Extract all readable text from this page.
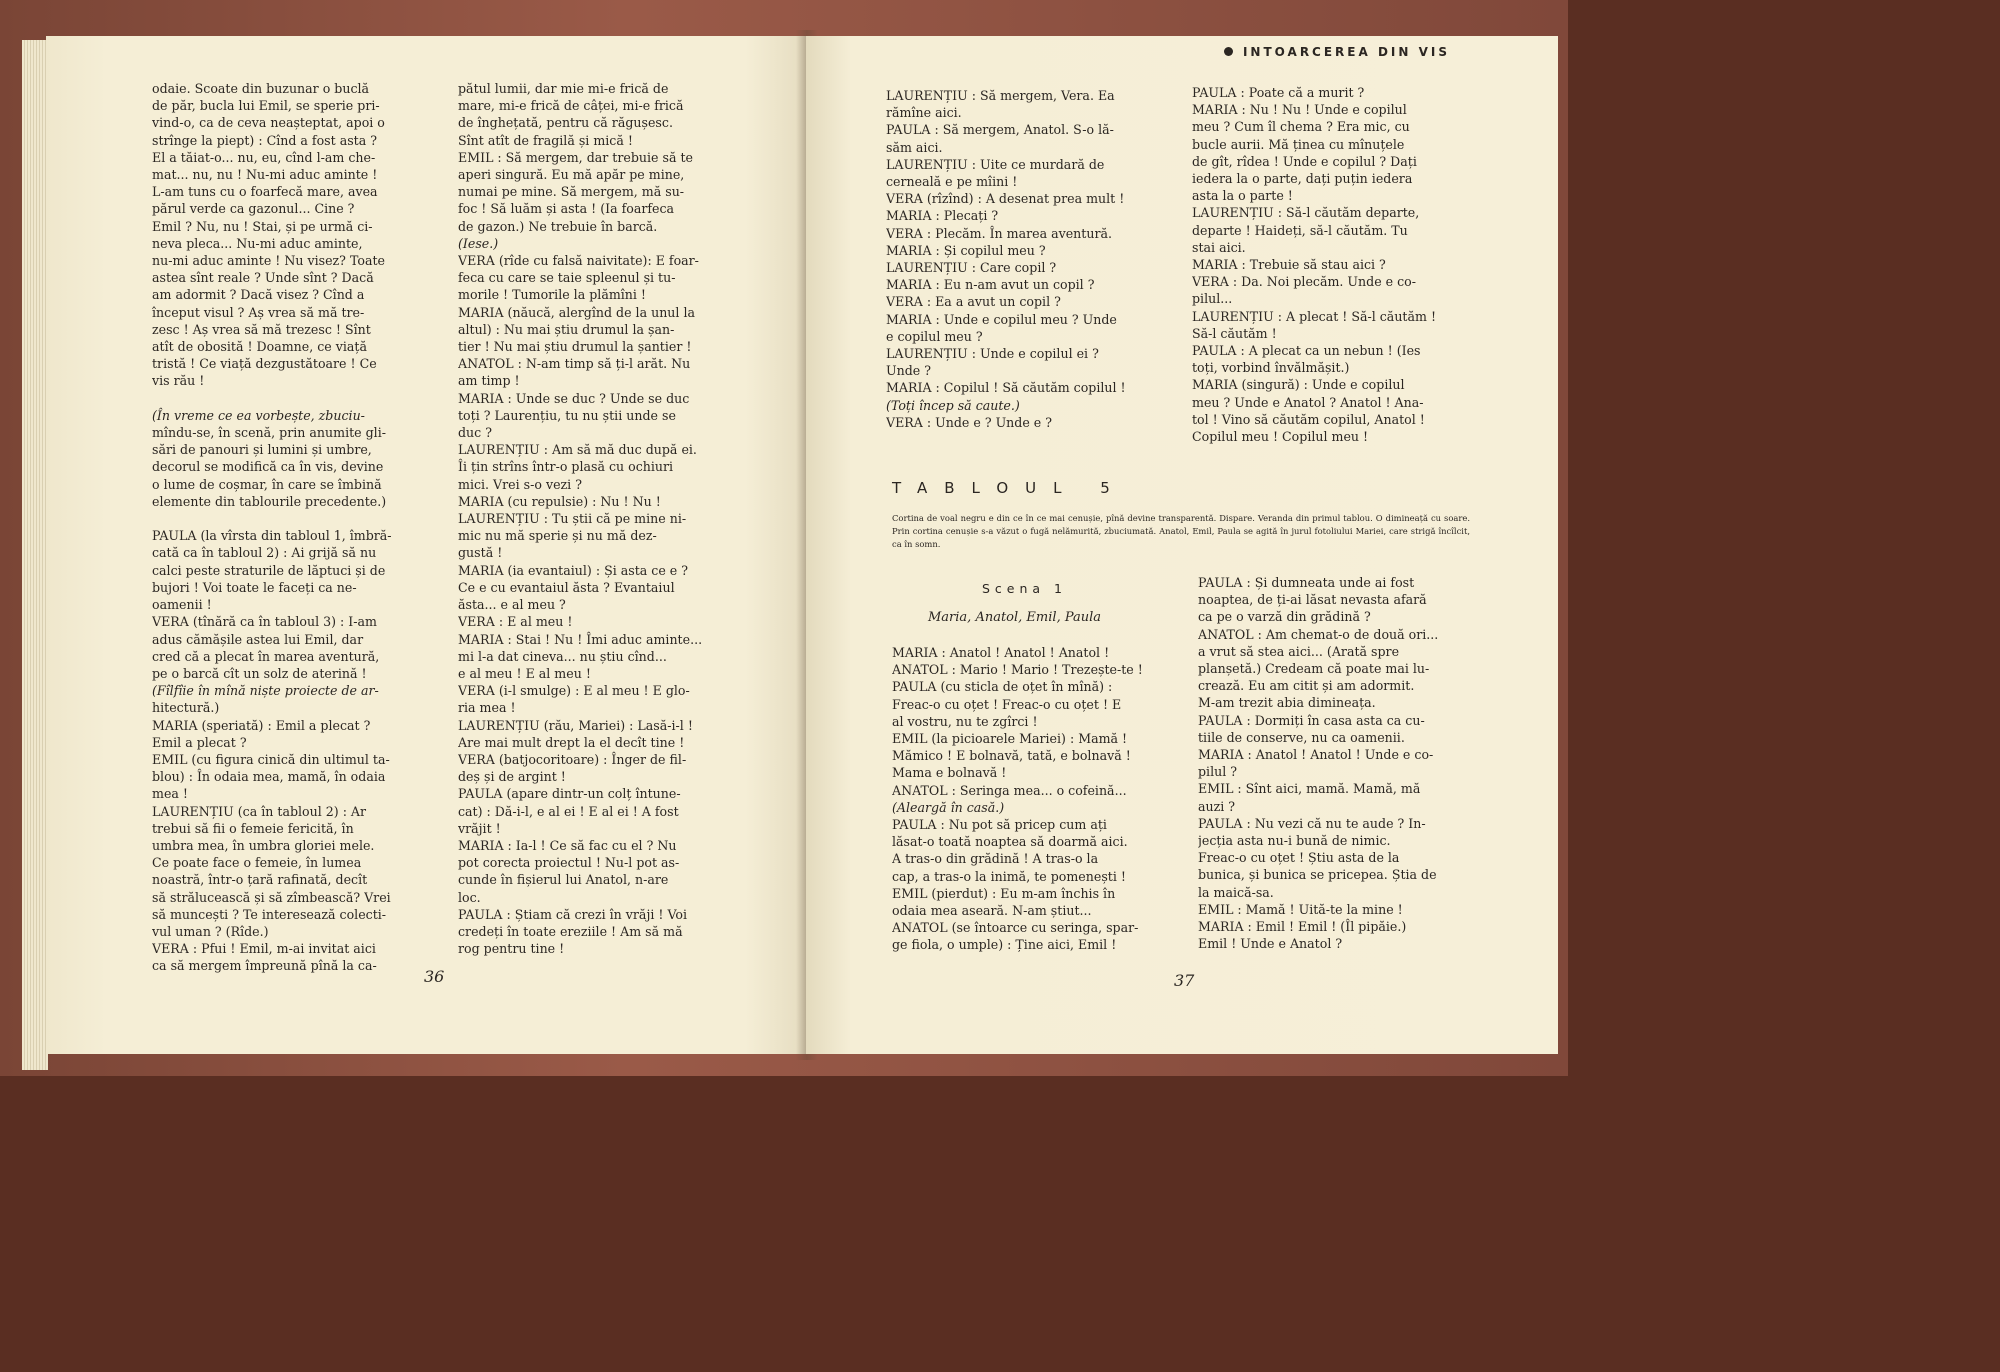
odaie. Scoate din buzunar o buclă
de păr, bucla lui Emil, se sperie pri-
vind-o, ca de ceva neașteptat, apoi o
strînge la piept) : Cînd a fost asta ?
El a tăiat-o... nu, eu, cînd l-am che-
mat... nu, nu ! Nu-mi aduc aminte !
L-am tuns cu o foarfecă mare, avea
părul verde ca gazonul... Cine ?
Emil ? Nu, nu ! Stai, și pe urmă ci-
neva pleca... Nu-mi aduc aminte,
nu-mi aduc aminte ! Nu visez? Toate
astea sînt reale ? Unde sînt ? Dacă
am adormit ? Dacă visez ? Cînd a
început visul ? Aș vrea să mă tre-
zesc ! Aș vrea să mă trezesc ! Sînt
atît de obosită ! Doamne, ce viață
tristă ! Ce viață dezgustătoare ! Ce
vis rău !

(În vreme ce ea vorbește, zbuciu-
mîndu-se, în scenă, prin anumite gli-
sări de panouri și lumini și umbre,
decorul se modifică ca în vis, devine
o lume de coșmar, în care se îmbină
elemente din tablourile precedente.)

PAULA (la vîrsta din tabloul 1, îmbră-
cată ca în tabloul 2) : Ai grijă să nu
calci peste straturile de lăptuci și de
bujori ! Voi toate le faceți ca ne-
oamenii !
VERA (tînără ca în tabloul 3) : I-am
adus cămășile astea lui Emil, dar
cred că a plecat în marea aventură,
pe o barcă cît un solz de aterină !
(Fîlfîie în mînă niște proiecte de ar-
hitectură.)
MARIA (speriată) : Emil a plecat ?
Emil a plecat ?
EMIL (cu figura cinică din ultimul ta-
blou) : În odaia mea, mamă, în odaia
mea !
LAURENȚIU (ca în tabloul 2) : Ar
trebui să fii o femeie fericită, în
umbra mea, în umbra gloriei mele.
Ce poate face o femeie, în lumea
noastră, într-o țară rafinată, decît
să strălucească și să zîmbească? Vrei
să muncești ? Te interesează colecti-
vul uman ? (Rîde.)
VERA : Pfui ! Emil, m-ai invitat aici
ca să mergem împreună pînă la ca-
pătul lumii, dar mie mi-e frică de
mare, mi-e frică de câței, mi-e frică
de înghețată, pentru că răgușesc.
Sînt atît de fragilă și mică !
EMIL : Să mergem, dar trebuie să te
aperi singură. Eu mă apăr pe mine,
numai pe mine. Să mergem, mă su-
foc ! Să luăm și asta ! (Ia foarfeca
de gazon.) Ne trebuie în barcă.
(Iese.)
VERA (rîde cu falsă naivitate): E foar-
feca cu care se taie spleenul și tu-
morile ! Tumorile la plămîni !
MARIA (năucă, alergînd de la unul la
altul) : Nu mai știu drumul la șan-
tier ! Nu mai știu drumul la șantier !
ANATOL : N-am timp să ți-l arăt. Nu
am timp !
MARIA : Unde se duc ? Unde se duc
toți ? Laurențiu, tu nu știi unde se
duc ?
LAURENȚIU : Am să mă duc după ei.
Îi țin strîns într-o plasă cu ochiuri
mici. Vrei s-o vezi ?
MARIA (cu repulsie) : Nu ! Nu !
LAURENȚIU : Tu știi că pe mine ni-
mic nu mă sperie și nu mă dez-
gustă !
MARIA (ia evantaiul) : Și asta ce e ?
Ce e cu evantaiul ăsta ? Evantaiul
ăsta... e al meu ?
VERA : E al meu !
MARIA : Stai ! Nu ! Îmi aduc aminte...
mi l-a dat cineva... nu știu cînd...
e al meu ! E al meu !
VERA (i-l smulge) : E al meu ! E glo-
ria mea !
LAURENȚIU (rău, Mariei) : Lasă-i-l !
Are mai mult drept la el decît tine !
VERA (batjocoritoare) : Înger de fil-
deș și de argint !
PAULA (apare dintr-un colț întune-
cat) : Dă-i-l, e al ei ! E al ei ! A fost
vrăjit !
MARIA : Ia-l ! Ce să fac cu el ? Nu
pot corecta proiectul ! Nu-l pot as-
cunde în fișierul lui Anatol, n-are
loc.
PAULA : Știam că crezi în vrăji ! Voi
credeți în toate ereziile ! Am să mă
rog pentru tine !
36
INTOARCEREA DIN VIS
LAURENȚIU : Să mergem, Vera. Ea
rămîne aici.
PAULA : Să mergem, Anatol. S-o lă-
săm aici.
LAURENȚIU : Uite ce murdară de
cerneală e pe mîini !
VERA (rîzînd) : A desenat prea mult !
MARIA : Plecați ?
VERA : Plecăm. În marea aventură.
MARIA : Și copilul meu ?
LAURENȚIU : Care copil ?
MARIA : Eu n-am avut un copil ?
VERA : Ea a avut un copil ?
MARIA : Unde e copilul meu ? Unde
e copilul meu ?
LAURENȚIU : Unde e copilul ei ?
Unde ?
MARIA : Copilul ! Să căutăm copilul !
(Toți încep să caute.)
VERA : Unde e ? Unde e ?
PAULA : Poate că a murit ?
MARIA : Nu ! Nu ! Unde e copilul
meu ? Cum îl chema ? Era mic, cu
bucle aurii. Mă ținea cu mînuțele
de gît, rîdea ! Unde e copilul ? Dați
iedera la o parte, dați puțin iedera
asta la o parte !
LAURENȚIU : Să-l căutăm departe,
departe ! Haideți, să-l căutăm. Tu
stai aici.
MARIA : Trebuie să stau aici ?
VERA : Da. Noi plecăm. Unde e co-
pilul...
LAURENȚIU : A plecat ! Să-l căutăm !
Să-l căutăm !
PAULA : A plecat ca un nebun ! (Ies
toți, vorbind învălmășit.)
MARIA (singură) : Unde e copilul
meu ? Unde e Anatol ? Anatol ! Ana-
tol ! Vino să căutăm copilul, Anatol !
Copilul meu ! Copilul meu !
TABLOUL 5
Cortina de voal negru e din ce în ce mai cenușie, pînă devine transparentă. Dispare. Veranda din primul tablou. O dimineață cu soare. Prin cortina cenușie s-a văzut o fugă nelămurită, zbuciumată. Anatol, Emil, Paula se agită în jurul fotoliului Mariei, care strigă încîlcit, ca în somn.
Scena 1
Maria, Anatol, Emil, Paula
MARIA : Anatol ! Anatol ! Anatol !
ANATOL : Mario ! Mario ! Trezește-te !
PAULA (cu sticla de oțet în mînă) :
Freac-o cu oțet ! Freac-o cu oțet ! E
al vostru, nu te zgîrci !
EMIL (la picioarele Mariei) : Mamă !
Mămico ! E bolnavă, tată, e bolnavă !
Mama e bolnavă !
ANATOL : Seringa mea... o cofeină...
(Aleargă în casă.)
PAULA : Nu pot să pricep cum ați
lăsat-o toată noaptea să doarmă aici.
A tras-o din grădină ! A tras-o la
cap, a tras-o la inimă, te pomenești !
EMIL (pierdut) : Eu m-am închis în
odaia mea aseară. N-am știut...
ANATOL (se întoarce cu seringa, spar-
ge fiola, o umple) : Ține aici, Emil !
PAULA : Și dumneata unde ai fost
noaptea, de ți-ai lăsat nevasta afară
ca pe o varză din grădină ?
ANATOL : Am chemat-o de două ori...
a vrut să stea aici... (Arată spre
planșetă.) Credeam că poate mai lu-
crează. Eu am citit și am adormit.
M-am trezit abia dimineața.
PAULA : Dormiți în casa asta ca cu-
tiile de conserve, nu ca oamenii.
MARIA : Anatol ! Anatol ! Unde e co-
pilul ?
EMIL : Sînt aici, mamă. Mamă, mă
auzi ?
PAULA : Nu vezi că nu te aude ? In-
jecția asta nu-i bună de nimic.
Freac-o cu oțet ! Știu asta de la
bunica, și bunica se pricepea. Știa de
la maică-sa.
EMIL : Mamă ! Uită-te la mine !
MARIA : Emil ! Emil ! (Îl pipăie.)
Emil ! Unde e Anatol ?
37
